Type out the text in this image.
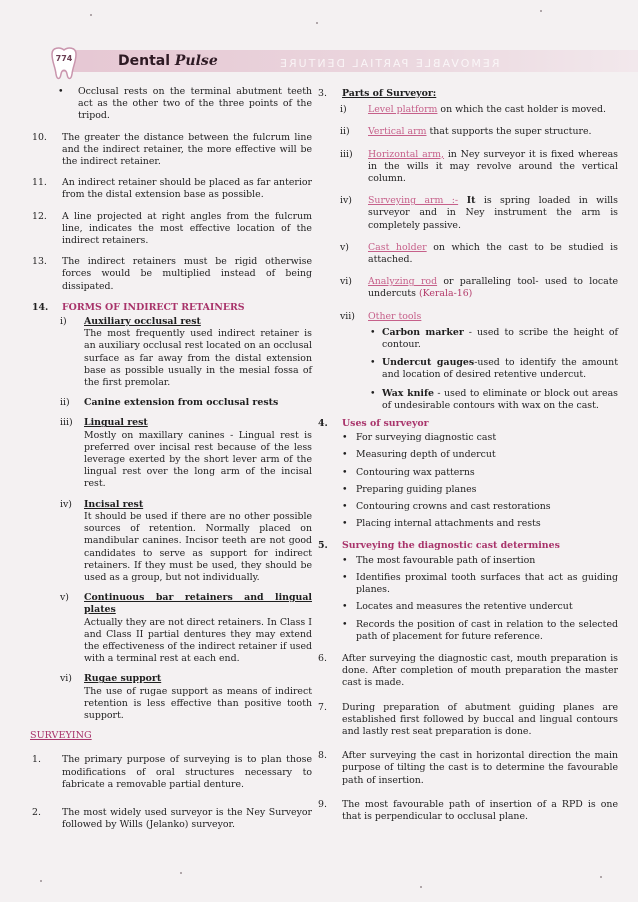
REMOVABLE PARTIAL DENTURE
774	Dental Pulse
• Occlusal rests on the terminal abutment teeth act as the other two of the three points of the tripod.
10. The greater the distance between the fulcrum line and the indirect retainer, the more effective will be the indirect retainer.
11. An indirect retainer should be placed as far anterior from the distal extension base as possible.
12. A line projected at right angles from the fulcrum line, indicates the most effective location of the indirect retainers.
13. The indirect retainers must be rigid otherwise forces would be multiplied instead of being dissipated.
14. FORMS OF INDIRECT RETAINERS
i) Auxiliary occlusal rest
The most frequently used indirect retainer is an auxiliary occlusal rest located on an occlusal surface as far away from the distal extension base as possible usually in the mesial fossa of the first premolar.
ii) Canine extension from occlusal rests
iii) Lingual rest
Mostly on maxillary canines - Lingual rest is preferred over incisal rest because of the less leverage exerted by the short lever arm of the lingual rest over the long arm of the incisal rest.
iv) Incisal rest
It should be used if there are no other possible sources of retention. Normally placed on mandibular canines. Incisor teeth are not good candidates to serve as support for indirect retainers. If they must be used, they should be used as a group, but not individually.
v) Continuous bar retainers and lingual plates
Actually they are not direct retainers. In Class I and Class II partial dentures they may extend the effectiveness of the indirect retainer if used with a terminal rest at each end.
vi) Rugae support
The use of rugae support as means of indirect retention is less effective than positive tooth support.
SURVEYING
1. The primary purpose of surveying is to plan those modifications of oral structures necessary to fabricate a removable partial denture.
2. The most widely used surveyor is the Ney Surveyor followed by Wills (Jelanko) surveyor.
3. Parts of Surveyor:
i) Level platform on which the cast holder is moved.
ii) Vertical arm that supports the super structure.
iii) Horizontal arm, in Ney surveyor it is fixed whereas in the wills it may revolve around the vertical column.
iv) Surveying arm :- It is spring loaded in wills surveyor and in Ney instrument the arm is completely passive.
v) Cast holder on which the cast to be studied is attached.
vi) Analyzing rod or paralleling tool- used to locate undercuts (Kerala-16)
vii) Other tools
• Carbon marker - used to scribe the height of contour.
• Undercut gauges-used to identify the amount and location of desired retentive undercut.
• Wax knife - used to eliminate or block out areas of undesirable contours with wax on the cast.
4. Uses of surveyor
• For surveying diagnostic cast
• Measuring depth of undercut
• Contouring wax patterns
• Preparing guiding planes
• Contouring crowns and cast restorations
• Placing internal attachments and rests
5. Surveying the diagnostic cast determines
• The most favourable path of insertion
• Identifies proximal tooth surfaces that act as guiding planes.
• Locates and measures the retentive undercut
• Records the position of cast in relation to the selected path of placement for future reference.
6. After surveying the diagnostic cast, mouth preparation is done. After completion of mouth preparation the master cast is made.
7. During preparation of abutment guiding planes are established first followed by buccal and lingual contours and lastly rest seat preparation is done.
8. After surveying the cast in horizontal direction the main purpose of tilting the cast is to determine the favourable path of insertion.
9. The most favourable path of insertion of a RPD is one that is perpendicular to occlusal plane.
